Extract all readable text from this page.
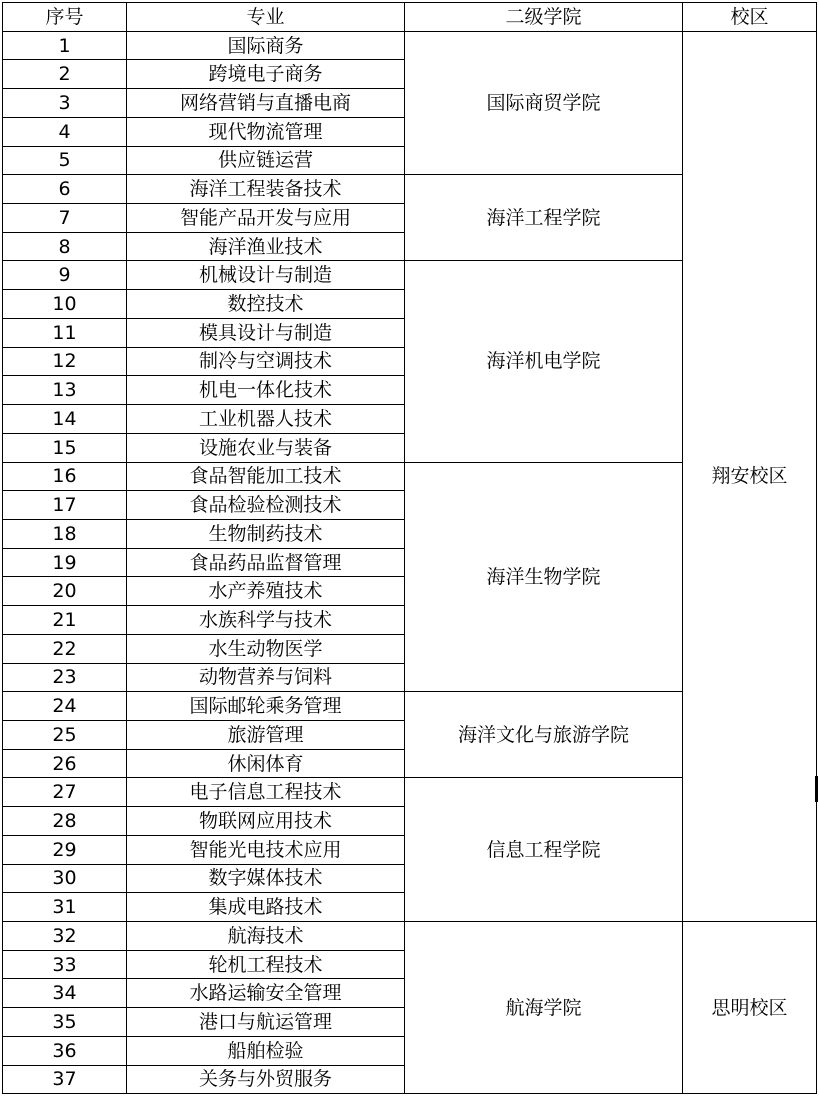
序号	专业	二级学院	校区
1	国际商务	国际商贸学院	翔安校区
2	跨境电子商务		
3	网络营销与直播电商		
4	现代物流管理		
5	供应链运营		
6	海洋工程装备技术	海洋工程学院	
7	智能产品开发与应用		
8	海洋渔业技术		
9	机械设计与制造	海洋机电学院	
10	数控技术		
11	模具设计与制造		
12	制冷与空调技术		
13	机电一体化技术		
14	工业机器人技术		
15	设施农业与装备		
16	食品智能加工技术	海洋生物学院	
17	食品检验检测技术		
18	生物制药技术		
19	食品药品监督管理		
20	水产养殖技术		
21	水族科学与技术		
22	水生动物医学		
23	动物营养与饲料		
24	国际邮轮乘务管理	海洋文化与旅游学院	
25	旅游管理		
26	休闲体育		
27	电子信息工程技术	信息工程学院	
28	物联网应用技术		
29	智能光电技术应用		
30	数字媒体技术		
31	集成电路技术		
32	航海技术	航海学院	思明校区
33	轮机工程技术		
34	水路运输安全管理		
35	港口与航运管理		
36	船舶检验		
37	关务与外贸服务		
